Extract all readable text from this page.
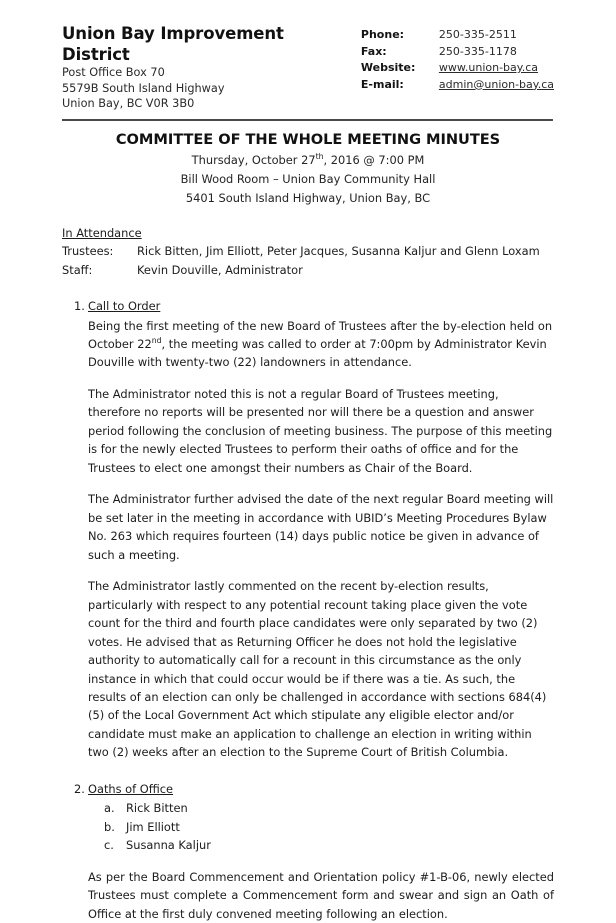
Union Bay Improvement District
Post Office Box 70
5579B South Island Highway
Union Bay, BC V0R 3B0
Phone:	250-335-2511
Fax:	250-335-1178
Website:	www.union-bay.ca
E-mail:	admin@union-bay.ca
COMMITTEE OF THE WHOLE MEETING MINUTES
Thursday, October 27th, 2016 @ 7:00 PM
Bill Wood Room – Union Bay Community Hall
5401 South Island Highway, Union Bay, BC
In Attendance
Trustees:	Rick Bitten, Jim Elliott, Peter Jacques, Susanna Kaljur and Glenn Loxam
Staff:	Kevin Douville, Administrator
1. Call to Order
Being the first meeting of the new Board of Trustees after the by-election held on October 22nd, the meeting was called to order at 7:00pm by Administrator Kevin Douville with twenty-two (22) landowners in attendance.
The Administrator noted this is not a regular Board of Trustees meeting, therefore no reports will be presented nor will there be a question and answer period following the conclusion of meeting business. The purpose of this meeting is for the newly elected Trustees to perform their oaths of office and for the Trustees to elect one amongst their numbers as Chair of the Board.
The Administrator further advised the date of the next regular Board meeting will be set later in the meeting in accordance with UBID’s Meeting Procedures Bylaw No. 263 which requires fourteen (14) days public notice be given in advance of such a meeting.
The Administrator lastly commented on the recent by-election results, particularly with respect to any potential recount taking place given the vote count for the third and fourth place candidates were only separated by two (2) votes. He advised that as Returning Officer he does not hold the legislative authority to automatically call for a recount in this circumstance as the only instance in which that could occur would be if there was a tie. As such, the results of an election can only be challenged in accordance with sections 684(4)(5) of the Local Government Act which stipulate any eligible elector and/or candidate must make an application to challenge an election in writing within two (2) weeks after an election to the Supreme Court of British Columbia.
2. Oaths of Office
a. Rick Bitten
b. Jim Elliott
c.	Susanna Kaljur
As per the Board Commencement and Orientation policy #1-B-06, newly elected Trustees must complete a Commencement form and swear and sign an Oath of Office at the first duly convened meeting following an election.
